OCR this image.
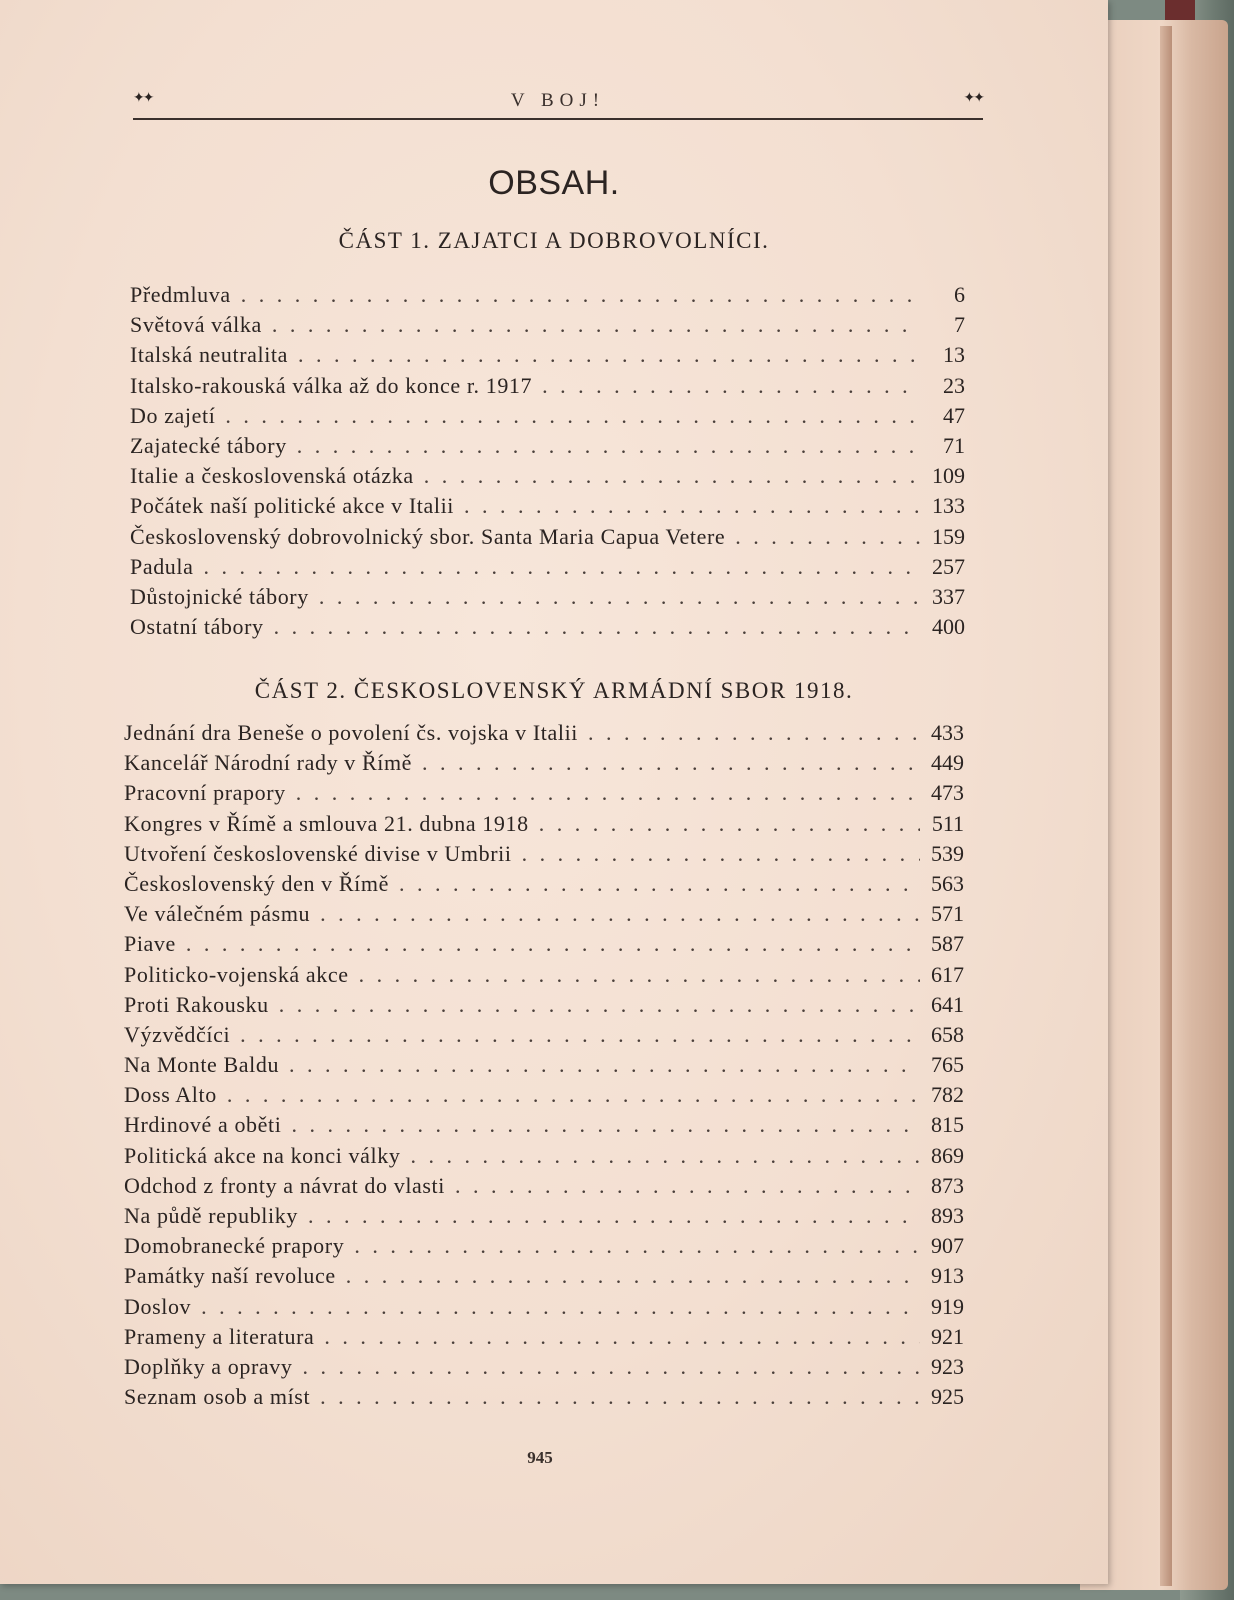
✦✦	V BOJ!	✦✦
OBSAH.
ČÁST 1. ZAJATCI A DOBROVOLNÍCI.
Předmluva . . .	6
Světová válka . . .	7
Italská neutralita . . .	13
Italsko-rakouská válka až do konce r. 1917 . . .	23
Do zajetí . . .	47
Zajatecké tábory . . .	71
Italie a československá otázka . . .	109
Počátek naší politické akce v Italii . . .	133
Československý dobrovolnický sbor. Santa Maria Capua Vetere . . .	159
Padula . . .	257
Důstojnické tábory . . .	337
Ostatní tábory . . .	400
ČÁST 2. ČESKOSLOVENSKÝ ARMÁDNÍ SBOR 1918.
Jednání dra Beneše o povolení čs. vojska v Italii . . .	433
Kancelář Národní rady v Římě . . .	449
Pracovní prapory . . .	473
Kongres v Římě a smlouva 21. dubna 1918 . . .	511
Utvoření československé divise v Umbrii . . .	539
Československý den v Římě . . .	563
Ve válečném pásmu . . .	571
Piave . . .	587
Politicko-vojenská akce . . .	617
Proti Rakousku . . .	641
Výzvědčíci . . .	658
Na Monte Baldu . . .	765
Doss Alto . . .	782
Hrdinové a oběti . . .	815
Politická akce na konci války . . .	869
Odchod z fronty a návrat do vlasti . . .	873
Na půdě republiky . . .	893
Domobranecké prapory . . .	907
Památky naší revoluce . . .	913
Doslov . . .	919
Prameny a literatura . . .	921
Doplňky a opravy . . .	923
Seznam osob a míst . . .	925
945
